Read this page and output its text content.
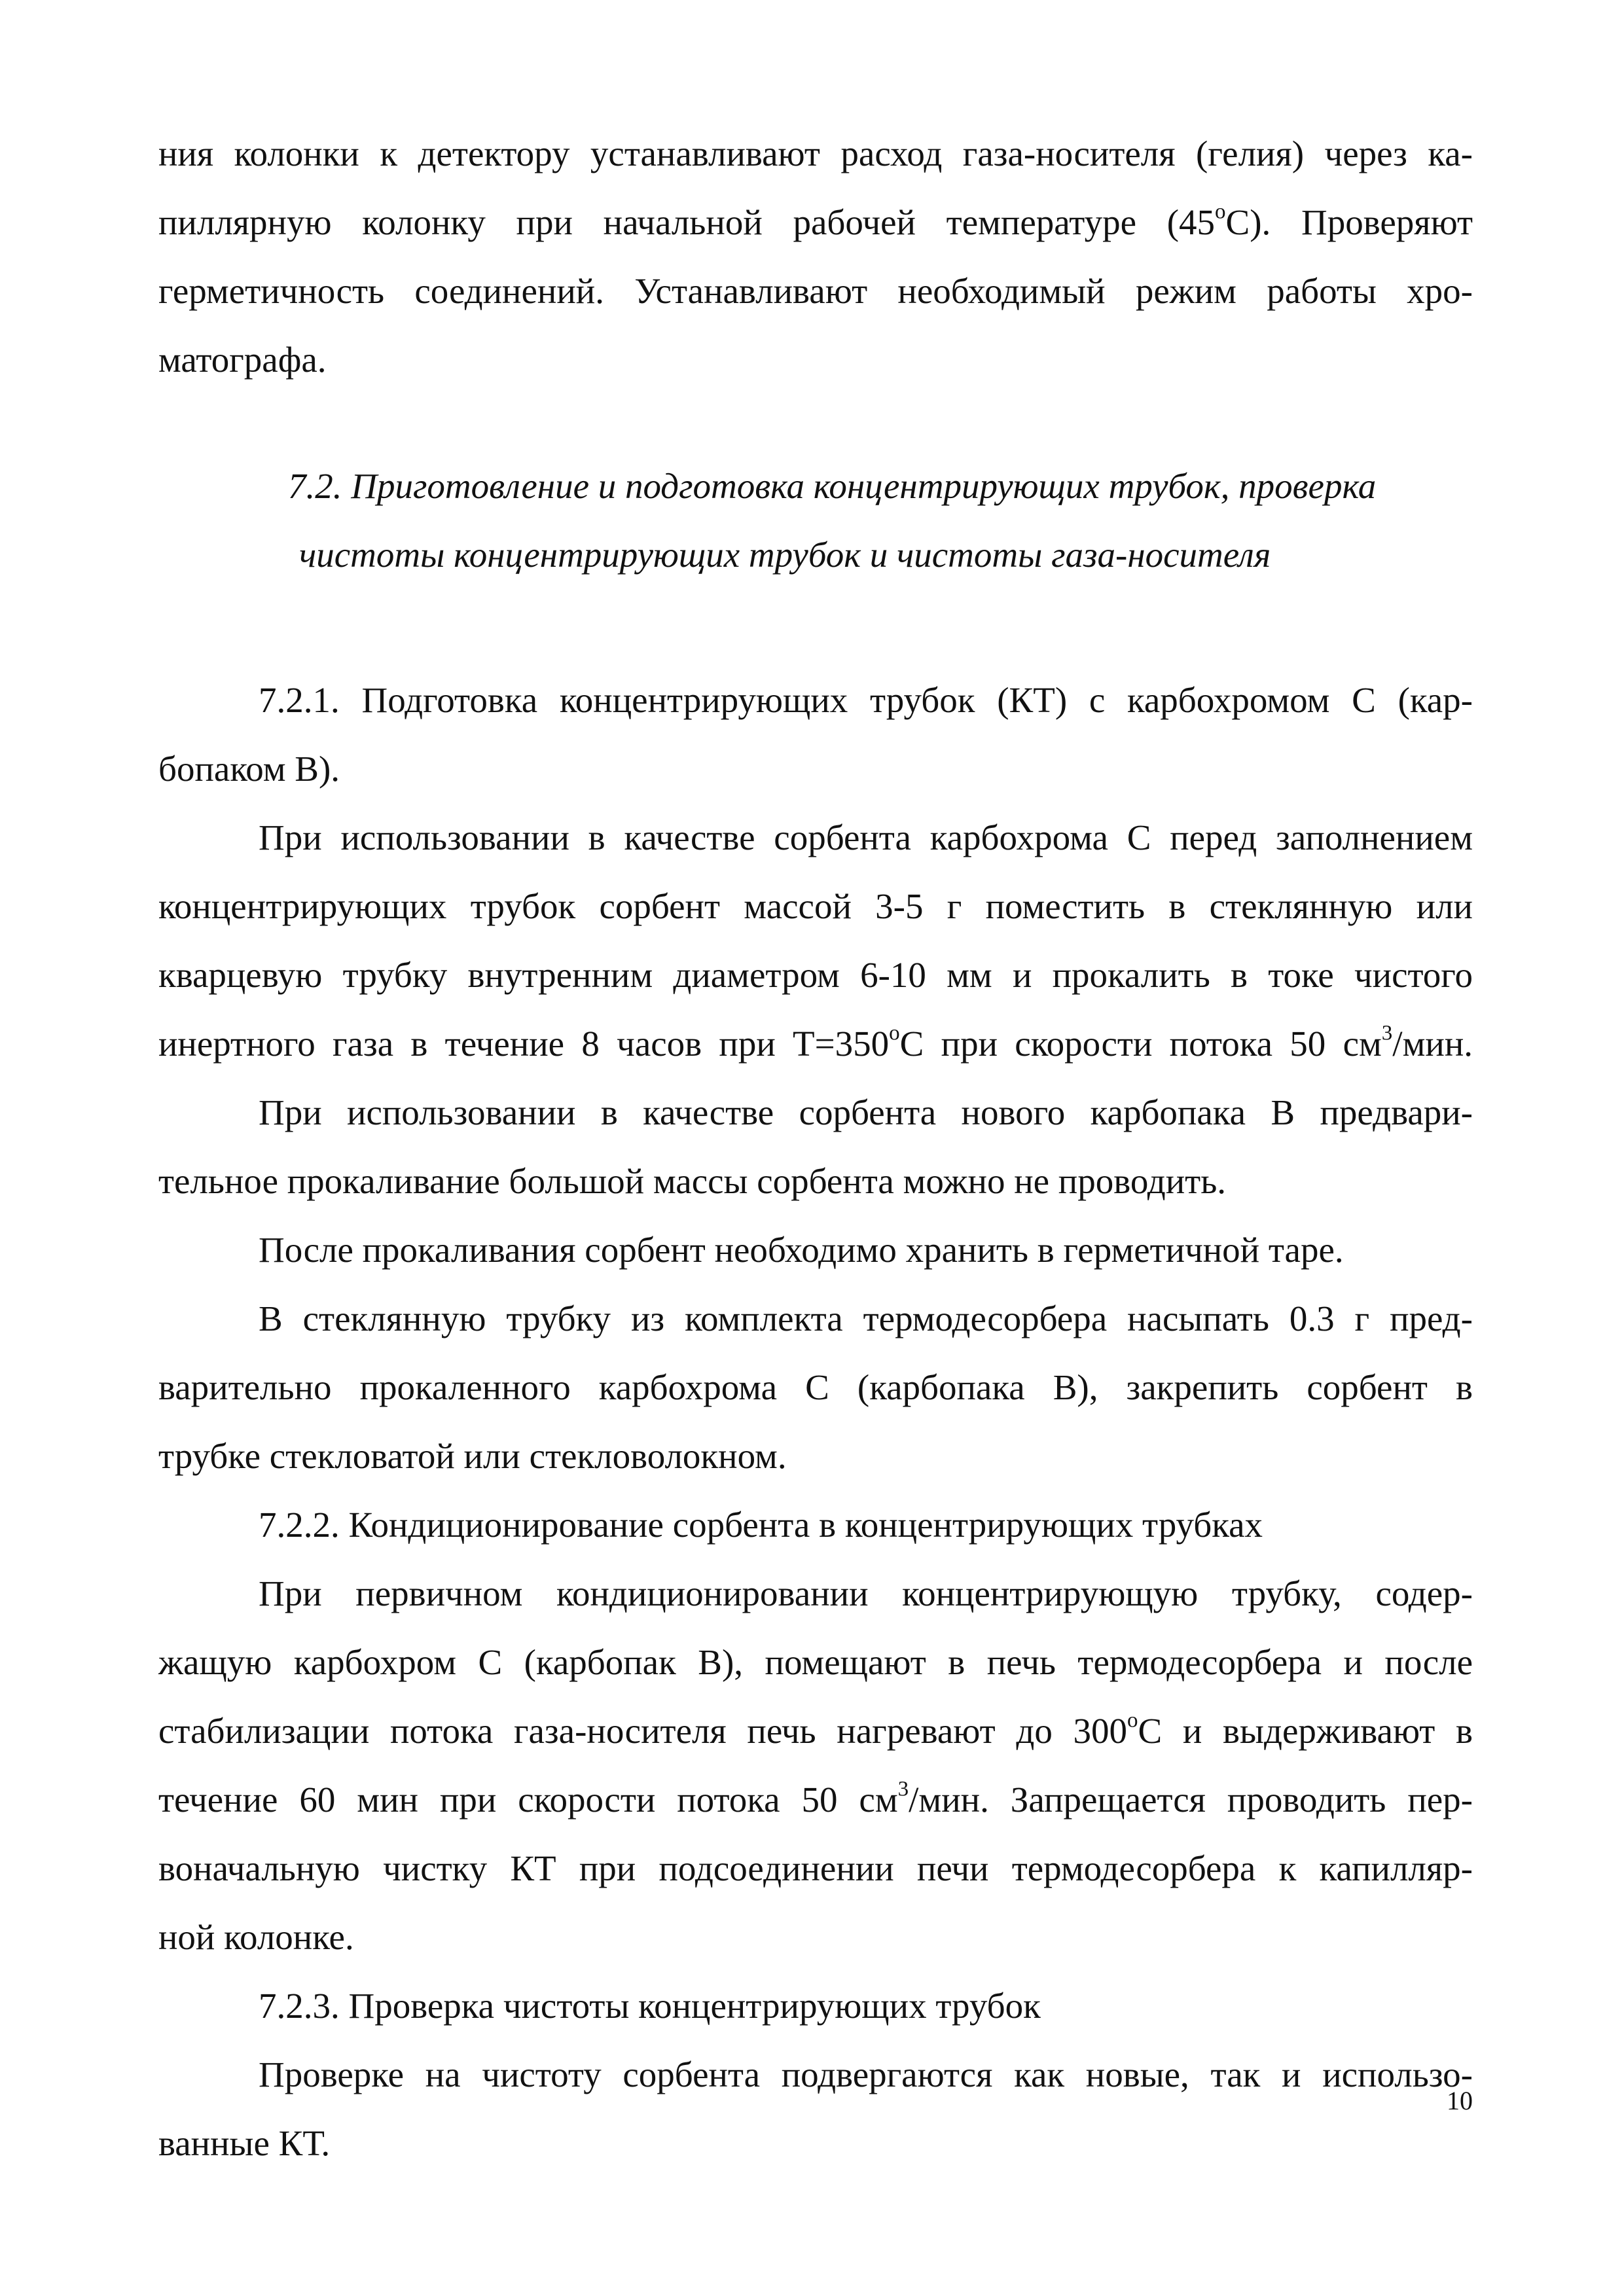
ния колонки к детектору устанавливают расход газа-носителя (гелия) через ка-
пиллярную колонку при начальной рабочей температуре (45$^o$C). Проверяют
герметичность соединений. Устанавливают необходимый режим работы хро-
матографа.
7.2. Приготовление и подготовка концентрирующих трубок, проверка
чистоты концентрирующих трубок и чистоты газа-носителя
7.2.1. Подготовка концентрирующих трубок (КТ) с карбохромом С (кар-
бопаком В).
При использовании в качестве сорбента карбохрома С перед заполнением
концентрирующих трубок сорбент массой 3-5 г поместить в стеклянную или
кварцевую трубку внутренним диаметром 6-10 мм и прокалить в токе чистого
инертного газа в течение 8 часов при $Т=350^oС$ при скорости потока 50 $см^3$/мин.
При использовании в качестве сорбента нового карбопака В предвари-
тельное прокаливание большой массы сорбента можно не проводить.
После прокаливания сорбент необходимо хранить в герметичной таре.
В стеклянную трубку из комплекта термодесорбера насыпать 0.3 г пред-
варительно прокаленного карбохрома С (карбопака В), закрепить сорбент в
трубке стекловатой или стекловолокном.
7.2.2. Кондиционирование сорбента в концентрирующих трубках
При первичном кондиционировании концентрирующую трубку, содер-
жащую карбохром С (карбопак В), помещают в печь термодесорбера и после
стабилизации потока газа-носителя печь нагревают до 300$^o$С и выдерживают в
течение 60 мин при скорости потока 50 $см^3$/мин. Запрещается проводить пер-
воначальную чистку КТ при подсоединении печи термодесорбера к капилляр-
ной колонке.
7.2.3. Проверка чистоты концентрирующих трубок
Проверке на чистоту сорбента подвергаются как новые, так и использо-
ванные КТ.
10
